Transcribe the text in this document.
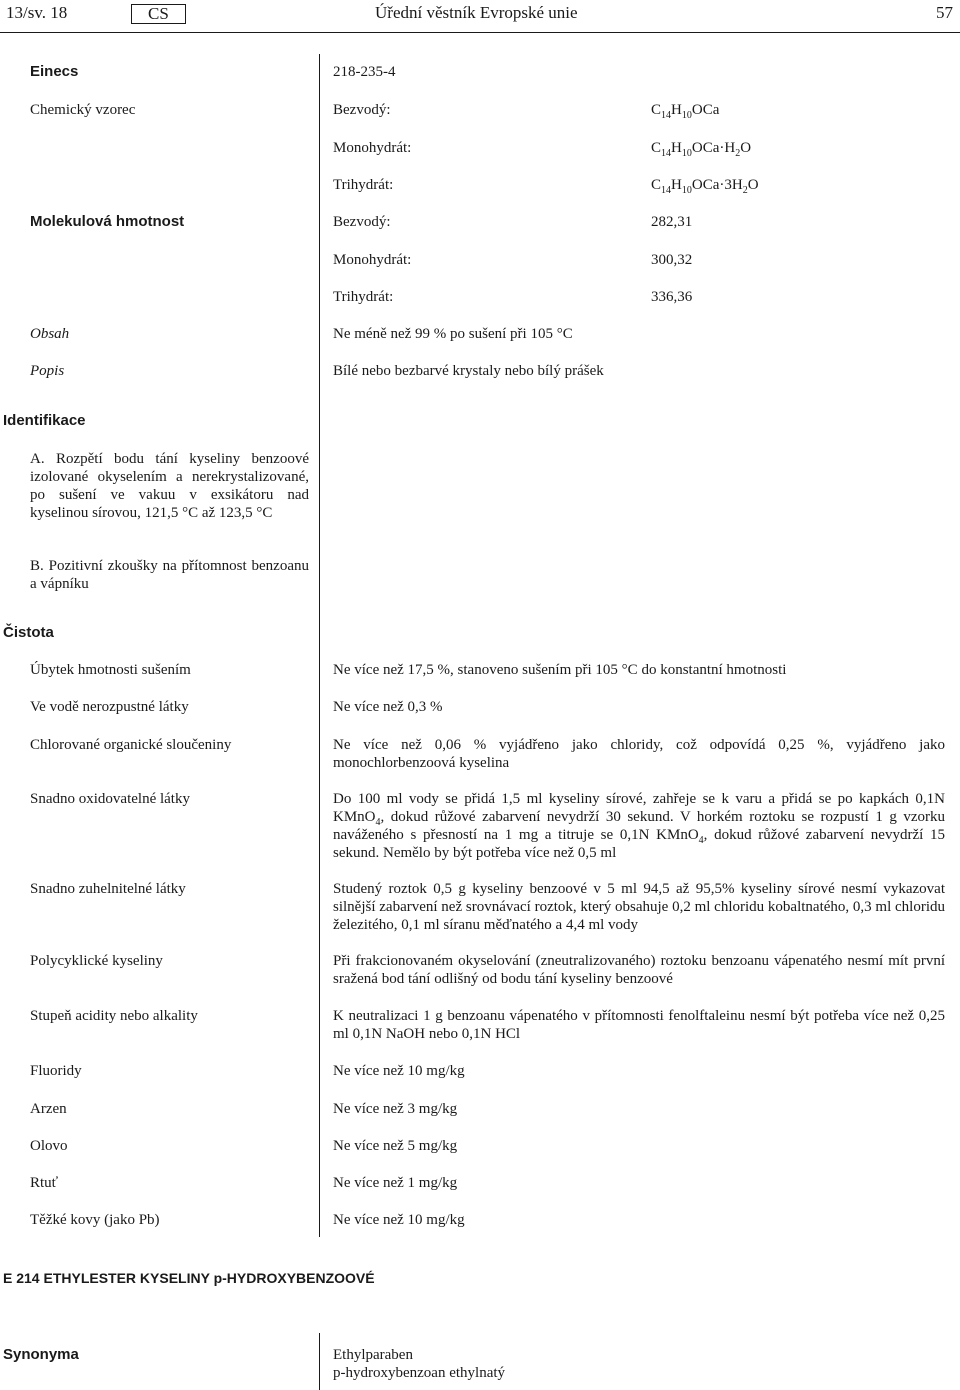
13/sv. 18	CS	Úřední věstník Evropské unie	57
Einecs	218-235-4
Chemický vzorec	Bezvodý:	$C_{14}H_{10}OCa$
Monohydrát:	$C_{14}H_{10}OCa\cdot H_2O$
Trihydrát:	$C_{14}H_{10}OCa\cdot 3H_2O$
Molekulová hmotnost	Bezvodý:	282,31
Monohydrát:	300,32
Trihydrát:	336,36
Obsah	Ne méně než 99 % po sušení při 105 °C
Popis	Bílé nebo bezbarvé krystaly nebo bílý prášek
Identifikace
A. Rozpětí bodu tání kyseliny benzoové izolované okyselením a nerekrystalizované, po sušení ve vakuu v exsikátoru nad kyselinou sírovou, 121,5 °C až 123,5 °C
B. Pozitivní zkoušky na přítomnost benzoanu a vápníku
Čistota
Úbytek hmotnosti sušením	Ne více než 17,5 %, stanoveno sušením při 105 °C do konstantní hmotnosti
Ve vodě nerozpustné látky	Ne více než 0,3 %
Chlorované organické sloučeniny	Ne více než 0,06 % vyjádřeno jako chloridy, což odpovídá 0,25 %, vyjádřeno jako monochlorbenzoová kyselina
Snadno oxidovatelné látky	Do 100 ml vody se přidá 1,5 ml kyseliny sírové, zahřeje se k varu a přidá se po kapkách 0,1N KMnO$_4$, dokud růžové zabarvení nevydrží 30 sekund. V horkém roztoku se rozpustí 1 g vzorku naváženého s přesností na 1 mg a titruje se 0,1N KMnO$_4$, dokud růžové zabarvení nevydrží 15 sekund. Nemělo by být potřeba více než 0,5 ml
Snadno zuhelnitelné látky	Studený roztok 0,5 g kyseliny benzoové v 5 ml 94,5 až 95,5% kyseliny sírové nesmí vykazovat silnější zabarvení než srovnávací roztok, který obsahuje 0,2 ml chloridu kobaltnatého, 0,3 ml chloridu železitého, 0,1 ml síranu měďnatého a 4,4 ml vody
Polycyklické kyseliny	Při frakcionovaném okyselování (zneutralizovaného) roztoku benzoanu vápenatého nesmí mít první sražená bod tání odlišný od bodu tání kyseliny benzoové
Stupeň acidity nebo alkality	K neutralizaci 1 g benzoanu vápenatého v přítomnosti fenolftaleinu nesmí být potřeba více než 0,25 ml 0,1N NaOH nebo 0,1N HCl
Fluoridy	Ne více než 10 mg/kg
Arzen	Ne více než 3 mg/kg
Olovo	Ne více než 5 mg/kg
Rtuť	Ne více než 1 mg/kg
Těžké kovy (jako Pb)	Ne více než 10 mg/kg
E 214 ETHYLESTER KYSELINY p-HYDROXYBENZOOVÉ
Synonyma	Ethylparaben
p-hydroxybenzoan ethylnatý
